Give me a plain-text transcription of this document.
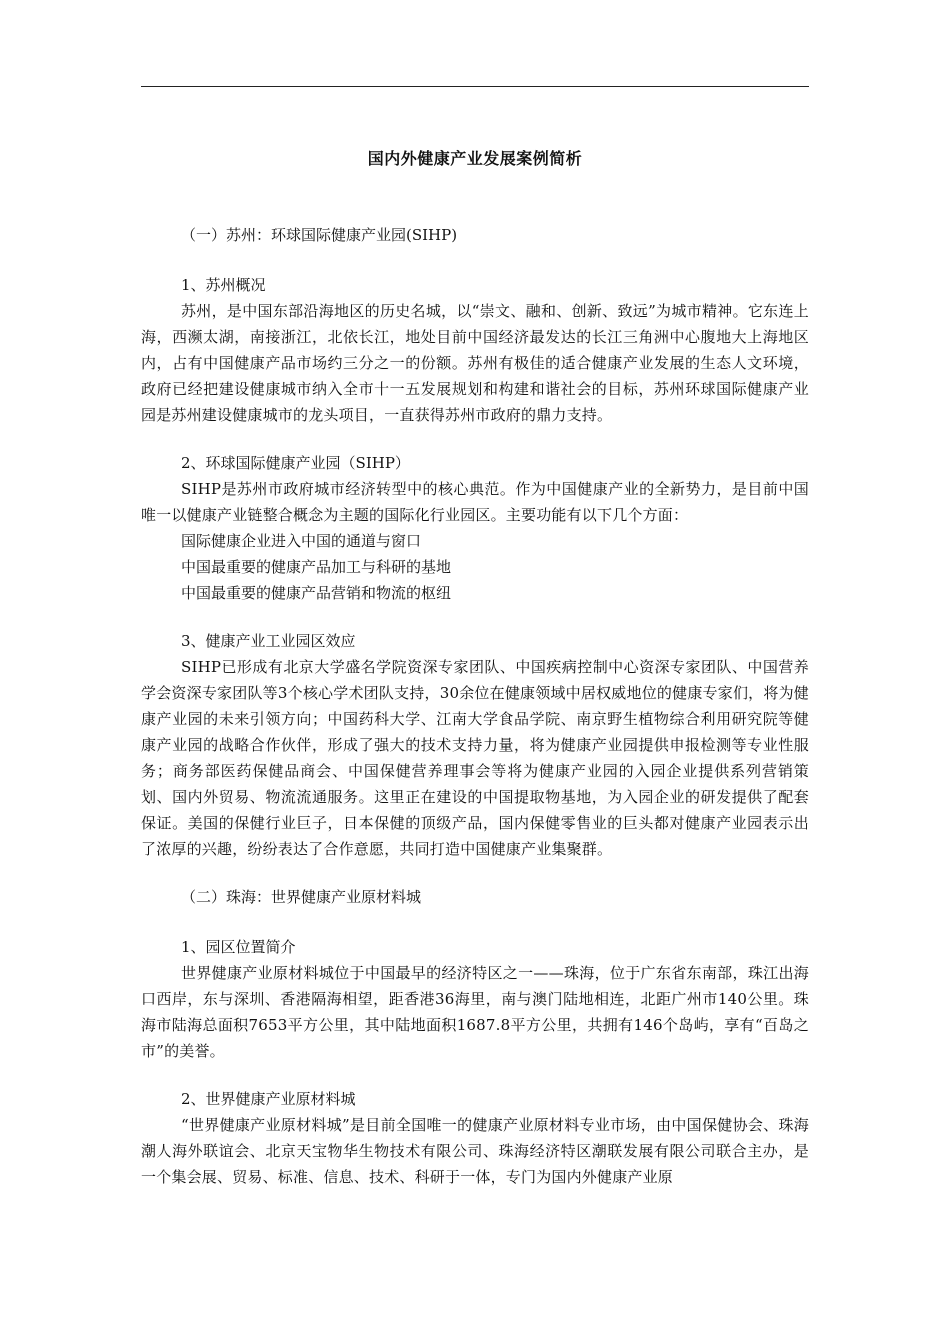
国内外健康产业发展案例简析

（一）苏州：环球国际健康产业园(SIHP)

1、苏州概况

苏州，是中国东部沿海地区的历史名城，以“崇文、融和、创新、致远”为城市精神。它东连上海，西濒太湖，南接浙江，北依长江，地处目前中国经济最发达的长江三角洲中心腹地大上海地区内，占有中国健康产品市场约三分之一的份额。苏州有极佳的适合健康产业发展的生态人文环境，政府已经把建设健康城市纳入全市十一五发展规划和构建和谐社会的目标，苏州环球国际健康产业园是苏州建设健康城市的龙头项目，一直获得苏州市政府的鼎力支持。

2、环球国际健康产业园（SIHP）

SIHP是苏州市政府城市经济转型中的核心典范。作为中国健康产业的全新势力，是目前中国唯一以健康产业链整合概念为主题的国际化行业园区。主要功能有以下几个方面：

国际健康企业进入中国的通道与窗口

中国最重要的健康产品加工与科研的基地

中国最重要的健康产品营销和物流的枢纽

3、健康产业工业园区效应

SIHP已形成有北京大学盛名学院资深专家团队、中国疾病控制中心资深专家团队、中国营养学会资深专家团队等3个核心学术团队支持，30余位在健康领域中居权威地位的健康专家们，将为健康产业园的未来引领方向；中国药科大学、江南大学食品学院、南京野生植物综合利用研究院等健康产业园的战略合作伙伴，形成了强大的技术支持力量，将为健康产业园提供申报检测等专业性服务；商务部医药保健品商会、中国保健营养理事会等将为健康产业园的入园企业提供系列营销策划、国内外贸易、物流流通服务。这里正在建设的中国提取物基地，为入园企业的研发提供了配套保证。美国的保健行业巨子，日本保健的顶级产品，国内保健零售业的巨头都对健康产业园表示出了浓厚的兴趣，纷纷表达了合作意愿，共同打造中国健康产业集聚群。

（二）珠海：世界健康产业原材料城

1、园区位置简介

世界健康产业原材料城位于中国最早的经济特区之一——珠海，位于广东省东南部，珠江出海口西岸，东与深圳、香港隔海相望，距香港36海里，南与澳门陆地相连，北距广州市140公里。珠海市陆海总面积7653平方公里，其中陆地面积1687.8平方公里，共拥有146个岛屿，享有“百岛之市”的美誉。

2、世界健康产业原材料城

“世界健康产业原材料城”是目前全国唯一的健康产业原材料专业市场，由中国保健协会、珠海潮人海外联谊会、北京天宝物华生物技术有限公司、珠海经济特区潮联发展有限公司联合主办，是一个集会展、贸易、标准、信息、技术、科研于一体，专门为国内外健康产业原
